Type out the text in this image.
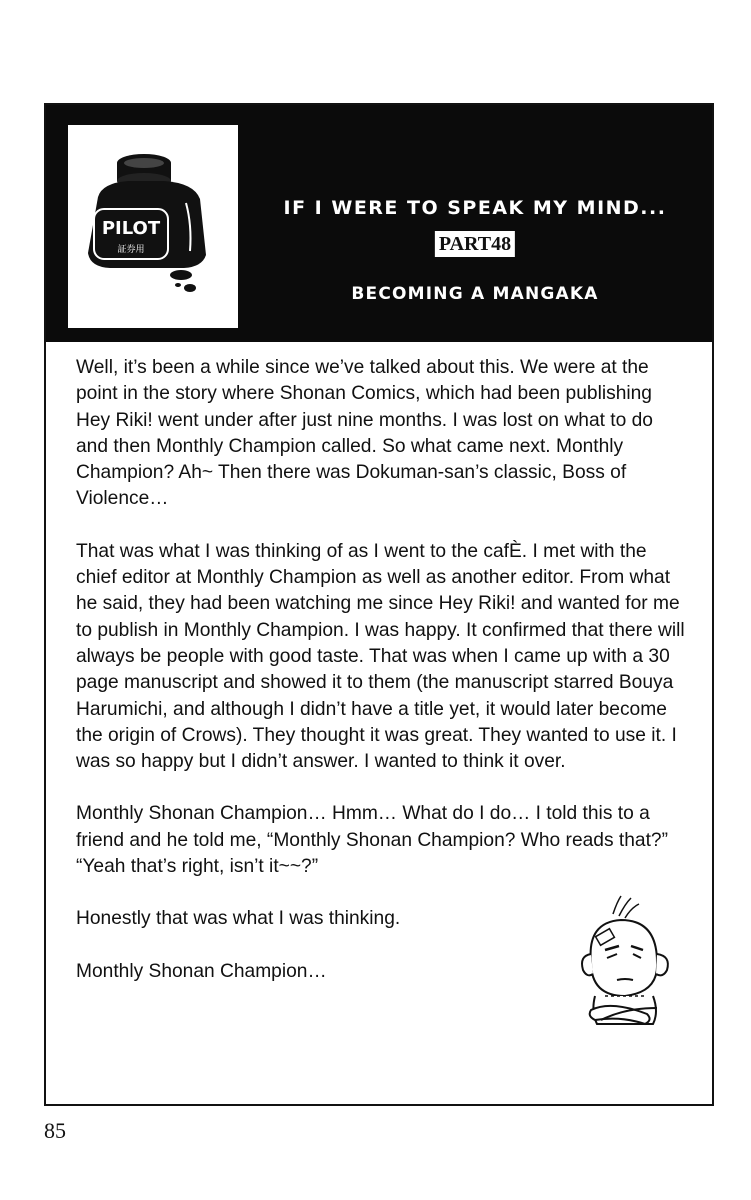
PILOT
証券用
IF I WERE TO SPEAK MY MIND...
PART48
BECOMING A MANGAKA

Well, it’s been a while since we’ve talked about this. We were at the point in the story where Shonan Comics, which had been publishing Hey Riki! went under after just nine months. I was lost on what to do and then Monthly Champion called. So what came next. Monthly Champion? Ah~ Then there was Dokuman-san’s classic, Boss of Violence…

That was what I was thinking of as I went to the cafÈ. I met with the chief editor at Monthly Champion as well as another editor. From what he said, they had been watching me since Hey Riki! and wanted for me to publish in Monthly Champion. I was happy. It confirmed that there will always be people with good taste. That was when I came up with a 30 page manuscript and showed it to them (the manuscript starred Bouya Harumichi, and although I didn’t have a title yet, it would later become the origin of Crows). They thought it was great. They wanted to use it. I was so happy but I didn’t answer. I wanted to think it over.

Monthly Shonan Champion… Hmm… What do I do… I told this to a friend and he told me, “Monthly Shonan Champion? Who reads that?” “Yeah that’s right, isn’t it~~?”

Honestly that was what I was thinking.

Monthly Shonan Champion…

85
